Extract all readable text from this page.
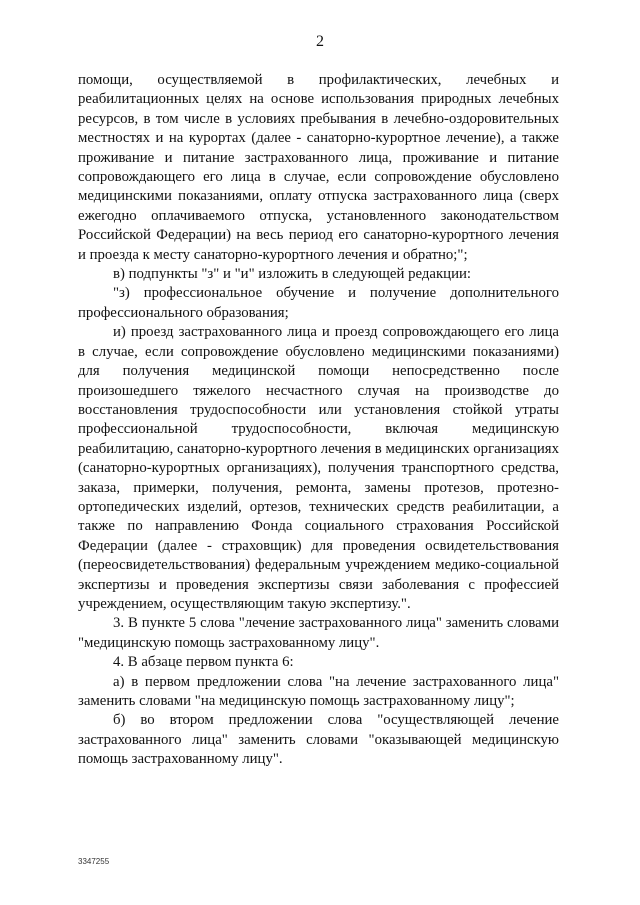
2

помощи, осуществляемой в профилактических, лечебных и реабилитационных целях на основе использования природных лечебных ресурсов, в том числе в условиях пребывания в лечебно-оздоровительных местностях и на курортах (далее - санаторно-курортное лечение), а также проживание и питание застрахованного лица, проживание и питание сопровождающего его лица в случае, если сопровождение обусловлено медицинскими показаниями, оплату отпуска застрахованного лица (сверх ежегодно оплачиваемого отпуска, установленного законодательством Российской Федерации) на весь период его санаторно-курортного лечения и проезда к месту санаторно-курортного лечения и обратно;";

в) подпункты "з" и "и" изложить в следующей редакции:

"з) профессиональное обучение и получение дополнительного профессионального образования;

и) проезд застрахованного лица и проезд сопровождающего его лица в случае, если сопровождение обусловлено медицинскими показаниями) для получения медицинской помощи непосредственно после произошедшего тяжелого несчастного случая на производстве до восстановления трудоспособности или установления стойкой утраты профессиональной трудоспособности, включая медицинскую реабилитацию, санаторно-курортного лечения в медицинских организациях (санаторно-курортных организациях), получения транспортного средства, заказа, примерки, получения, ремонта, замены протезов, протезно-ортопедических изделий, ортезов, технических средств реабилитации, а также по направлению Фонда социального страхования Российской Федерации (далее - страховщик) для проведения освидетельствования (переосвидетельствования) федеральным учреждением медико-социальной экспертизы и проведения экспертизы связи заболевания с профессией учреждением, осуществляющим такую экспертизу.".

3. В пункте 5 слова "лечение застрахованного лица" заменить словами "медицинскую помощь застрахованному лицу".

4. В абзаце первом пункта 6:

а) в первом предложении слова "на лечение застрахованного лица" заменить словами "на медицинскую помощь застрахованному лицу";

б) во втором предложении слова "осуществляющей лечение застрахованного лица" заменить словами "оказывающей медицинскую помощь застрахованному лицу".

3347255
